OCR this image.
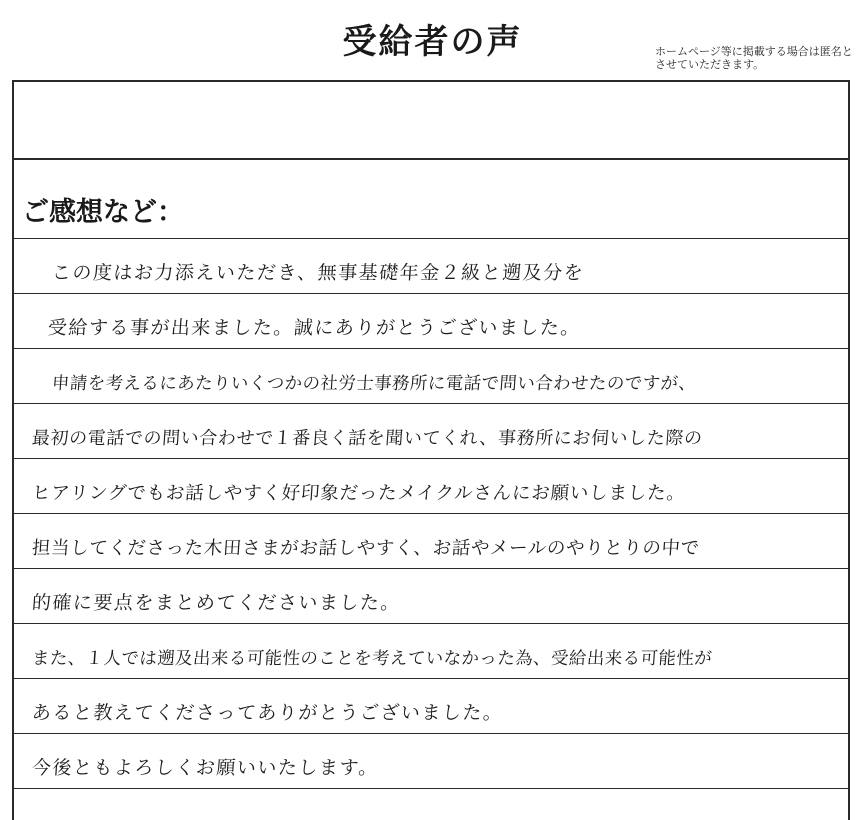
受給者の声	ホームページ等に掲載する場合は匿名とさせていただきます。
この度はお力添えいただき、無事基礎年金２級と遡及分を
受給する事が出来ました。誠にありがとうございました。
申請を考えるにあたりいくつかの社労士事務所に電話で問い合わせたのですが、
最初の電話での問い合わせで１番良く話を聞いてくれ、事務所にお伺いした際の
ヒアリングでもお話しやすく好印象だったメイクルさんにお願いしました。
担当してくださった木田さまがお話しやすく、お話やメールのやりとりの中で
的確に要点をまとめてくださいました。
また、１人では遡及出来る可能性のことを考えていなかった為、受給出来る可能性が
あると教えてくださってありがとうございました。
今後ともよろしくお願いいたします。
ご感想など：
